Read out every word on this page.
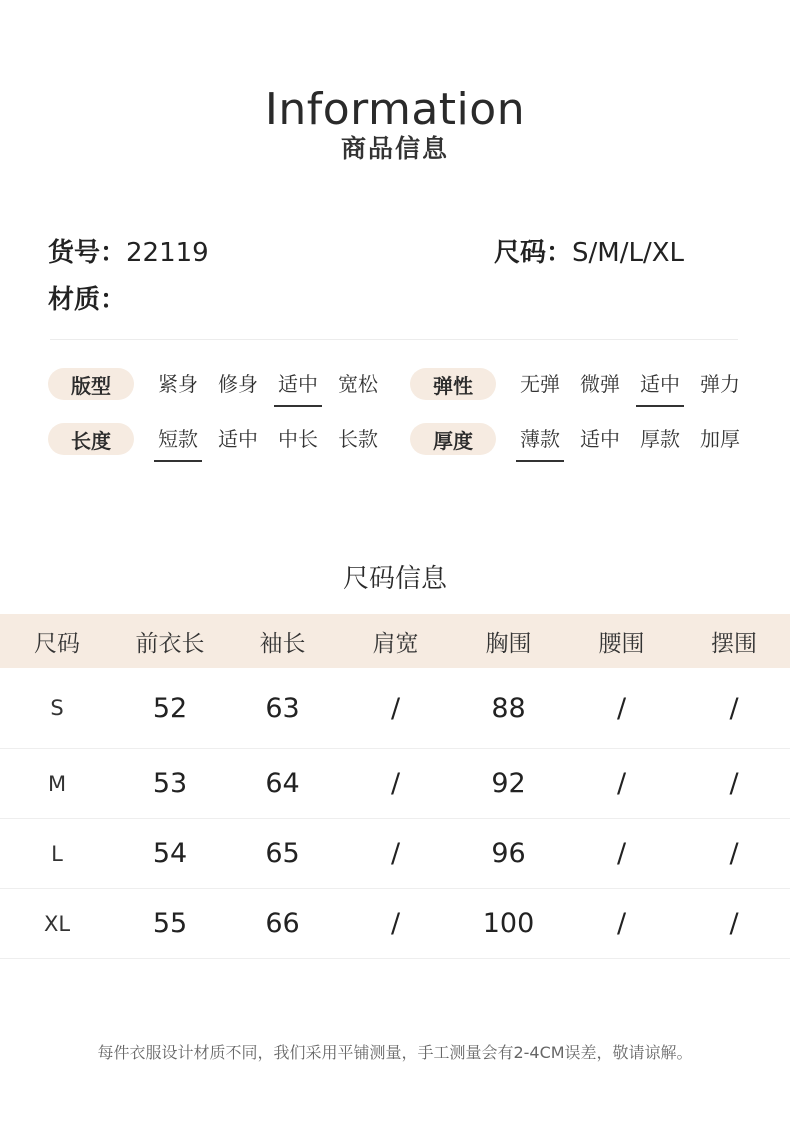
Information
商品信息
货号：22119	尺码：S/M/L/XL
材质：
版型	紧身	修身	适中	宽松
长度	短款	适中	中长	长款
弹性	无弹	微弹	适中	弹力
厚度	薄款	适中	厚款	加厚
尺码信息
尺码	前衣长	袖长	肩宽	胸围	腰围	摆围
S	52	63	/	88	/	/
M	53	64	/	92	/	/
L	54	65	/	96	/	/
XL	55	66	/	100	/	/
每件衣服设计材质不同，我们采用平铺测量，手工测量会有2-4CM误差，敬请谅解。
